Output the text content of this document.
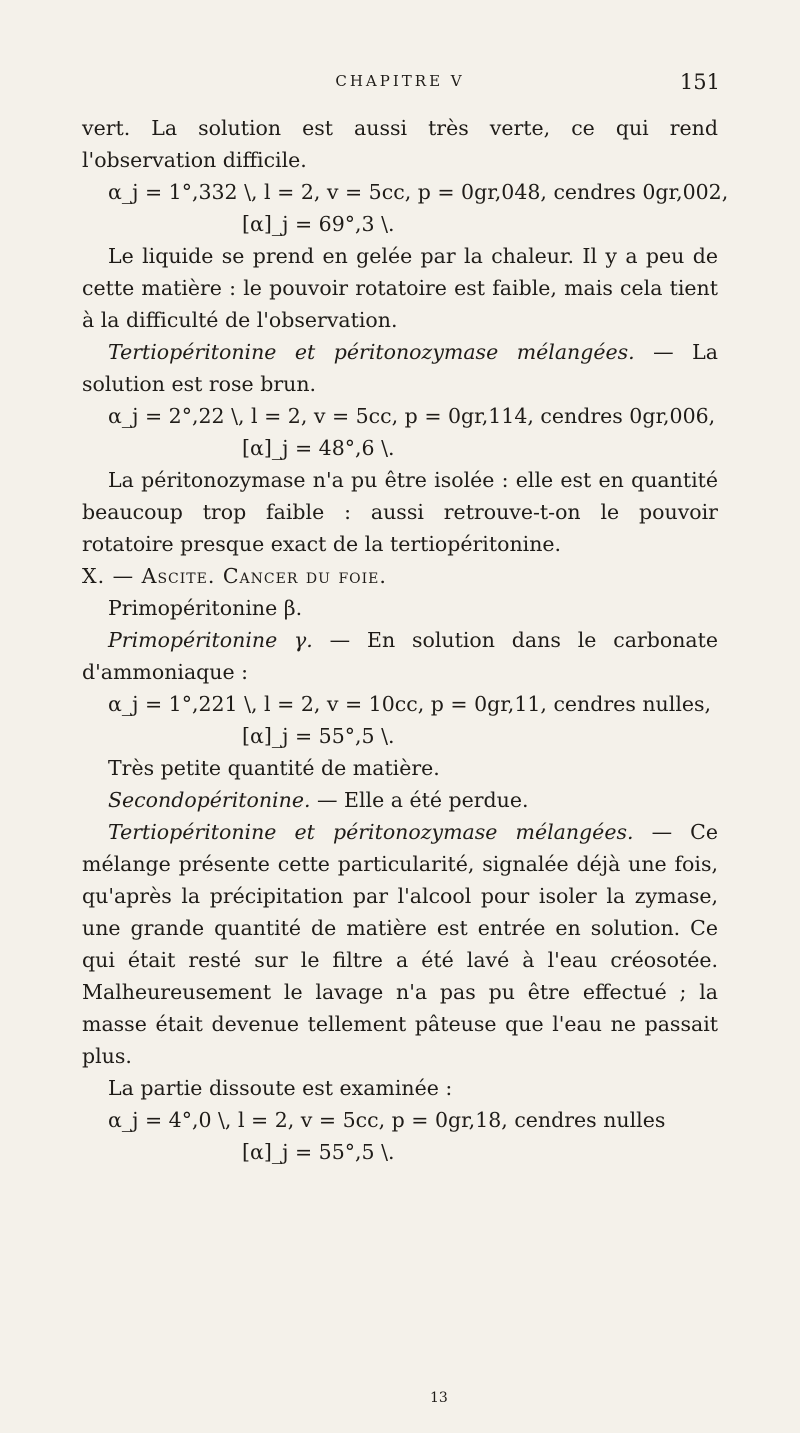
CHAPITRE V	151

vert. La solution est aussi très verte, ce qui rend l'observation difficile.

α_j = 1°,332 \, l = 2, v = 5cc, p = 0gr,048, cendres 0gr,002,

[α]_j = 69°,3 \.

Le liquide se prend en gelée par la chaleur. Il y a peu de cette matière : le pouvoir rotatoire est faible, mais cela tient à la difficulté de l'observation.

Tertiopéritonine et péritonozymase mélangées. — La solution est rose brun.

α_j = 2°,22 \, l = 2, v = 5cc, p = 0gr,114, cendres 0gr,006,

[α]_j = 48°,6 \.

La péritonozymase n'a pu être isolée : elle est en quantité beaucoup trop faible : aussi retrouve-t-on le pouvoir rotatoire presque exact de la tertiopéritonine.

X. — Ascite. Cancer du foie.

Primopéritonine β.

Primopéritonine γ. — En solution dans le carbonate d'ammoniaque :

α_j = 1°,221 \, l = 2, v = 10cc, p = 0gr,11, cendres nulles,

[α]_j = 55°,5 \.

Très petite quantité de matière.

Secondopéritonine. — Elle a été perdue.

Tertiopéritonine et péritonozymase mélangées. — Ce mélange présente cette particularité, signalée déjà une fois, qu'après la précipitation par l'alcool pour isoler la zymase, une grande quantité de matière est entrée en solution. Ce qui était resté sur le filtre a été lavé à l'eau créosotée. Malheureusement le lavage n'a pas pu être effectué ; la masse était devenue tellement pâteuse que l'eau ne passait plus.

La partie dissoute est examinée :

α_j = 4°,0 \, l = 2, v = 5cc, p = 0gr,18, cendres nulles

[α]_j = 55°,5 \.

13
